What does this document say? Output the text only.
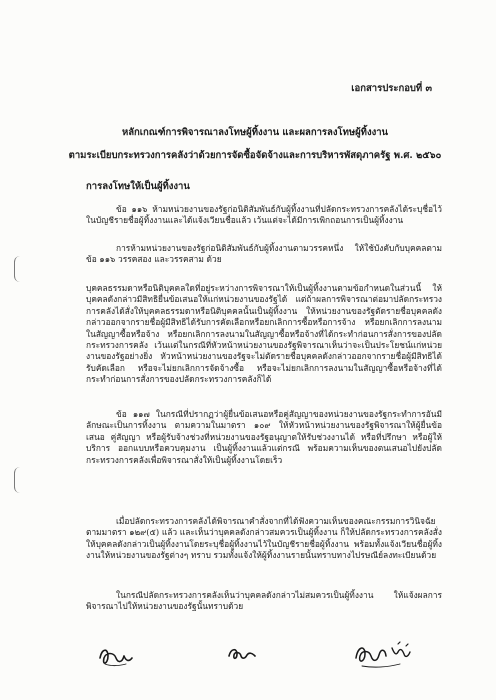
เอกสารประกอบที่ ๓
หลักเกณฑ์การพิจารณาลงโทษผู้ทิ้งงาน และผลการลงโทษผู้ทิ้งงาน
ตามระเบียบกระทรวงการคลังว่าด้วยการจัดซื้อจัดจ้างและการบริหารพัสดุภาครัฐ พ.ศ. ๒๕๖๐
การลงโทษให้เป็นผู้ทิ้งงาน

ข้อ ๑๑๖ ห้ามหน่วยงานของรัฐก่อนิติสัมพันธ์กับผู้ทิ้งงานที่ปลัดกระทรวงการคลังได้ระบุชื่อไว้ในบัญชีรายชื่อผู้ทิ้งงานและได้แจ้งเวียนชื่อแล้ว เว้นแต่จะได้มีการเพิกถอนการเป็นผู้ทิ้งงาน

การห้ามหน่วยงานของรัฐก่อนิติสัมพันธ์กับผู้ทิ้งงานตามวรรคหนึ่ง ให้ใช้บังคับกับบุคคลตามข้อ ๑๑๖ วรรคสอง และวรรคสาม ด้วย

บุคคลธรรมดาหรือนิติบุคคลใดที่อยู่ระหว่างการพิจารณาให้เป็นผู้ทิ้งงานตามข้อกำหนดในส่วนนี้ ให้บุคคลดังกล่าวมีสิทธิยื่นข้อเสนอให้แก่หน่วยงานของรัฐได้ แต่ถ้าผลการพิจารณาต่อมาปลัดกระทรวงการคลังได้สั่งให้บุคคลธรรมดาหรือนิติบุคคลนั้นเป็นผู้ทิ้งงาน ให้หน่วยงานของรัฐตัดรายชื่อบุคคลดังกล่าวออกจากรายชื่อผู้มีสิทธิได้รับการคัดเลือกหรือยกเลิกการซื้อหรือการจ้าง หรือยกเลิกการลงนามในสัญญาซื้อหรือจ้าง หรือยกเลิกการลงนามในสัญญาซื้อหรือจ้างที่ได้กระทำก่อนการสั่งการของปลัดกระทรวงการคลัง เว้นแต่ในกรณีที่หัวหน้าหน่วยงานของรัฐพิจารณาเห็นว่าจะเป็นประโยชน์แก่หน่วยงานของรัฐอย่างยิ่ง หัวหน้าหน่วยงานของรัฐจะไม่ตัดรายชื่อบุคคลดังกล่าวออกจากรายชื่อผู้มีสิทธิได้รับคัดเลือก หรือจะไม่ยกเลิกการจัดจ้างซื้อ หรือจะไม่ยกเลิกการลงนามในสัญญาซื้อหรือจ้างที่ได้กระทำก่อนการสั่งการของปลัดกระทรวงการคลังก็ได้

ข้อ ๑๑๗ ในกรณีที่ปรากฏว่าผู้ยื่นข้อเสนอหรือคู่สัญญาของหน่วยงานของรัฐกระทำการอันมีลักษณะเป็นการทิ้งงาน ตามความในมาตรา ๑๐๙ ให้หัวหน้าหน่วยงานของรัฐพิจารณาให้ผู้ยื่นข้อเสนอ คู่สัญญา หรือผู้รับจ้างช่วงที่หน่วยงานของรัฐอนุญาตให้รับช่วงงานได้ หรือที่ปรึกษา หรือผู้ให้บริการ ออกแบบหรือควบคุมงาน เป็นผู้ทิ้งงานแล้วแต่กรณี พร้อมความเห็นของตนเสนอไปยังปลัดกระทรวงการคลังเพื่อพิจารณาสั่งให้เป็นผู้ทิ้งงานโดยเร็ว

เมื่อปลัดกระทรวงการคลังได้พิจารณาคำสั่งจากที่ได้ฟังความเห็นของคณะกรรมการวินิจฉัยตามมาตรา ๑๒๙(๕) แล้ว และเห็นว่าบุคคลดังกล่าวสมควรเป็นผู้ทิ้งงาน ก็ให้ปลัดกระทรวงการคลังสั่งให้บุคคลดังกล่าวเป็นผู้ทิ้งงานโดยระบุชื่อผู้ทิ้งงานไว้ในบัญชีรายชื่อผู้ทิ้งงาน พร้อมทั้งแจ้งเวียนชื่อผู้ทิ้งงานให้หน่วยงานของรัฐต่างๆ ทราบ รวมทั้งแจ้งให้ผู้ทิ้งงานรายนั้นทราบทางไปรษณีย์ลงทะเบียนด้วย

ในกรณีปลัดกระทรวงการคลังเห็นว่าบุคคลดังกล่าวไม่สมควรเป็นผู้ทิ้งงาน ให้แจ้งผลการพิจารณาไปให้หน่วยงานของรัฐนั้นทราบด้วย
